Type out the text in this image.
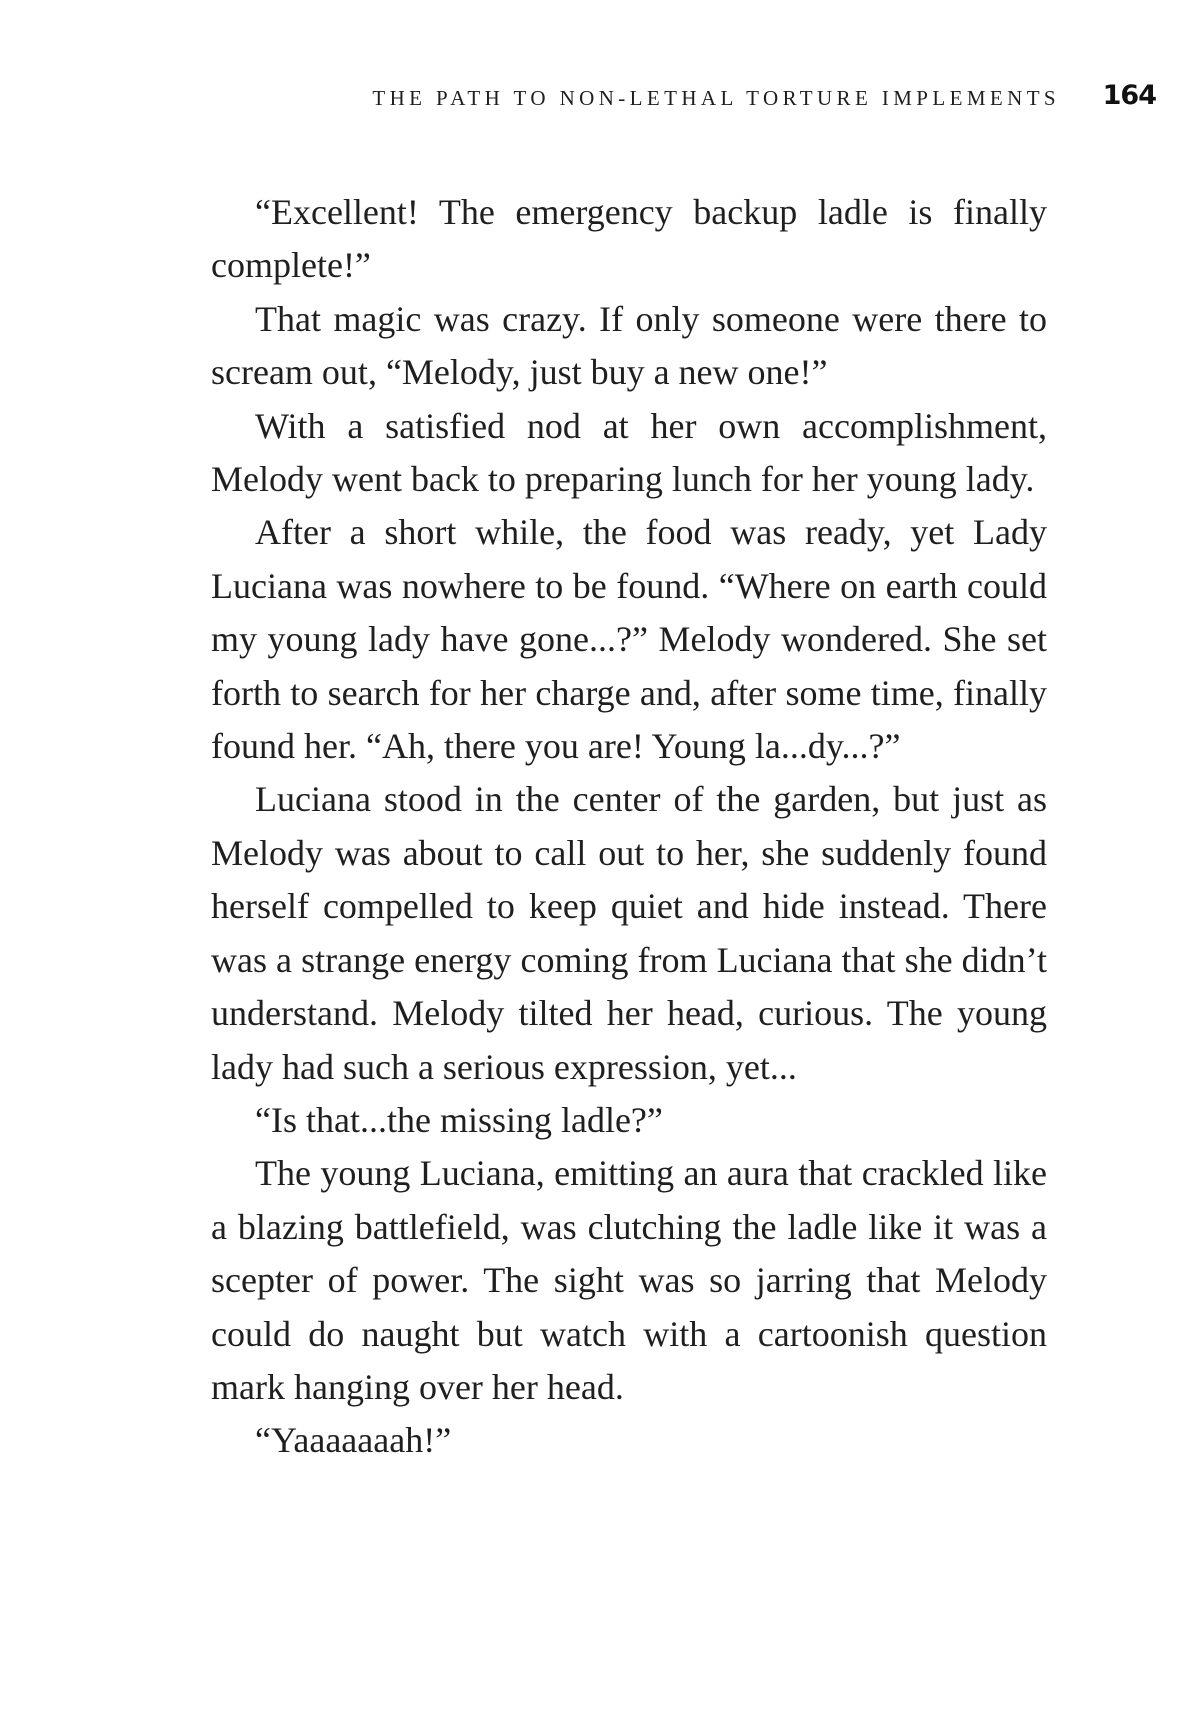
THE PATH TO NON-LETHAL TORTURE IMPLEMENTS 164

“Excellent! The emergency backup ladle is finally complete!”

That magic was crazy. If only someone were there to scream out, “Melody, just buy a new one!”

With a satisfied nod at her own accomplishment, Melody went back to preparing lunch for her young lady.

After a short while, the food was ready, yet Lady Luciana was nowhere to be found. “Where on earth could my young lady have gone...?” Melody wondered. She set forth to search for her charge and, after some time, finally found her. “Ah, there you are! Young la...dy...?”

Luciana stood in the center of the garden, but just as Melody was about to call out to her, she suddenly found herself compelled to keep quiet and hide instead. There was a strange energy coming from Luciana that she didn’t understand. Melody tilted her head, curious. The young lady had such a serious expression, yet...

“Is that...the missing ladle?”

The young Luciana, emitting an aura that crackled like a blazing battlefield, was clutching the ladle like it was a scepter of power. The sight was so jarring that Melody could do naught but watch with a cartoonish question mark hanging over her head.

“Yaaaaaaah!”
